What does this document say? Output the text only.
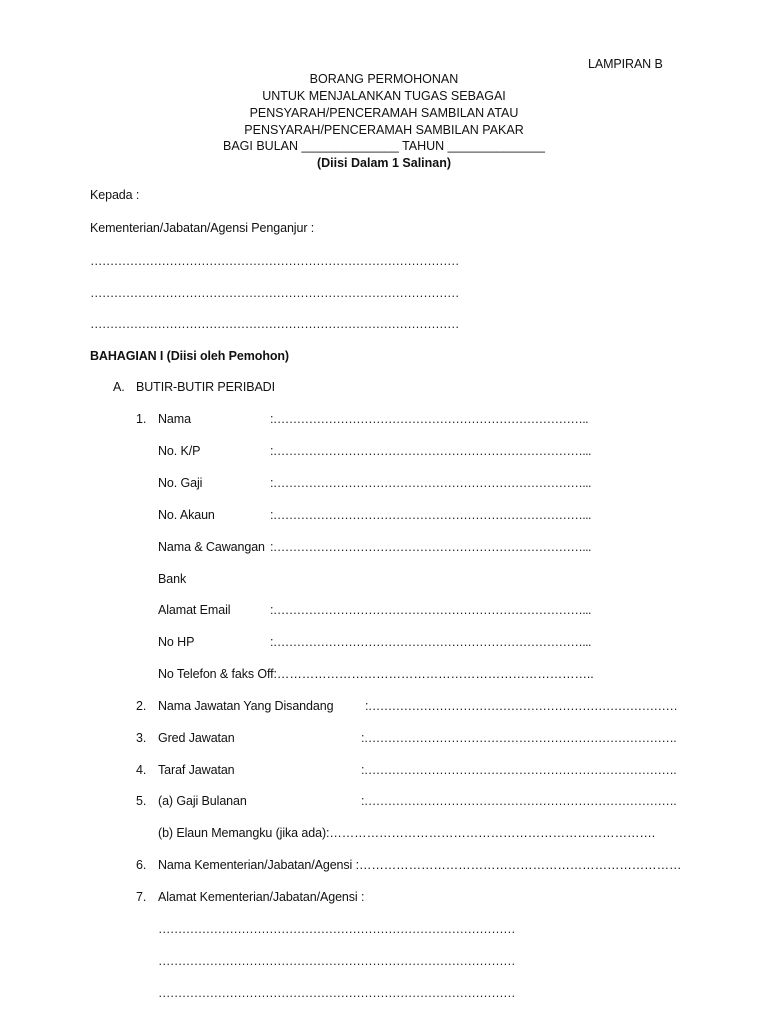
LAMPIRAN B
BORANG PERMOHONAN
UNTUK MENJALANKAN TUGAS SEBAGAI
PENSYARAH/PENCERAMAH SAMBILAN ATAU
PENSYARAH/PENCERAMAH SAMBILAN PAKAR
BAGI BULAN ______________ TAHUN ______________
(Diisi Dalam 1 Salinan)
Kepada :
Kementerian/Jabatan/Agensi Penganjur :
…………………………………………………………………………………
…………………………………………………………………………………
…………………………………………………………………………………
BAHAGIAN I (Diisi oleh Pemohon)
A. BUTIR-BUTIR PERIBADI
1. Nama	:……………………………………………………………………..
No. K/P	:……………………………………………………………………...
No. Gaji	:……………………………………………………………………...
No. Akaun	:……………………………………………………………………...
Nama & Cawangan :……………………………………………………………………...
Bank
Alamat Email	:……………………………………………………………………...
No HP	:……………………………………………………………………...
No Telefon & faks Off:…………………………………………………………………..
2. Nama Jawatan Yang Disandang	:……………………………………………………………………
3. Gred Jawatan	:…………………………………………………………………….
4. Taraf Jawatan	:…………………………………………………………………….
5. (a) Gaji Bulanan	:…………………………………………………………………….
(b) Elaun Memangku (jika ada):…………………………………………………………………….
6. Nama Kementerian/Jabatan/Agensi :……………………………………………………………………
7. Alamat Kementerian/Jabatan/Agensi :
………………………………………………………………………………
………………………………………………………………………………
………………………………………………………………………………
